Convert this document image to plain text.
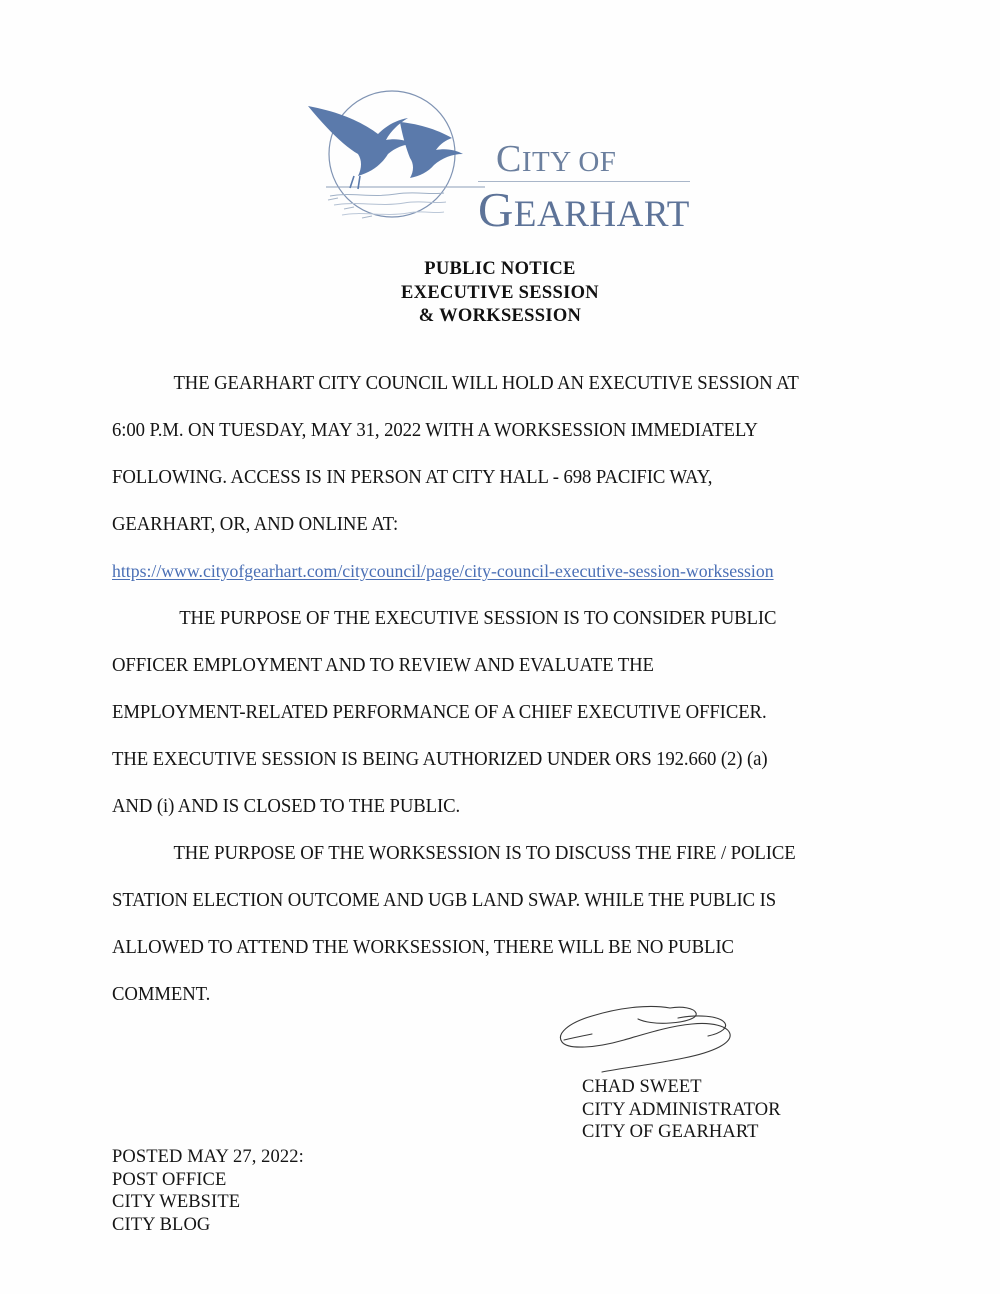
CITY OF
GEARHART
PUBLIC NOTICE
EXECUTIVE SESSION
& WORKSESSION

THE GEARHART CITY COUNCIL WILL HOLD AN EXECUTIVE SESSION AT

6:00 P.M. ON TUESDAY, MAY 31, 2022 WITH A WORKSESSION IMMEDIATELY

FOLLOWING. ACCESS IS IN PERSON AT CITY HALL - 698 PACIFIC WAY,

GEARHART, OR, AND ONLINE AT:

https://www.cityofgearhart.com/citycouncil/page/city-council-executive-session-worksession

THE PURPOSE OF THE EXECUTIVE SESSION IS TO CONSIDER PUBLIC

OFFICER EMPLOYMENT AND TO REVIEW AND EVALUATE THE

EMPLOYMENT-RELATED PERFORMANCE OF A CHIEF EXECUTIVE OFFICER.

THE EXECUTIVE SESSION IS BEING AUTHORIZED UNDER ORS 192.660 (2) (a)

AND (i) AND IS CLOSED TO THE PUBLIC.

THE PURPOSE OF THE WORKSESSION IS TO DISCUSS THE FIRE / POLICE

STATION ELECTION OUTCOME AND UGB LAND SWAP. WHILE THE PUBLIC IS

ALLOWED TO ATTEND THE WORKSESSION, THERE WILL BE NO PUBLIC

COMMENT.

CHAD SWEET
CITY ADMINISTRATOR
CITY OF GEARHART
POSTED MAY 27, 2022:
POST OFFICE
CITY WEBSITE
CITY BLOG
